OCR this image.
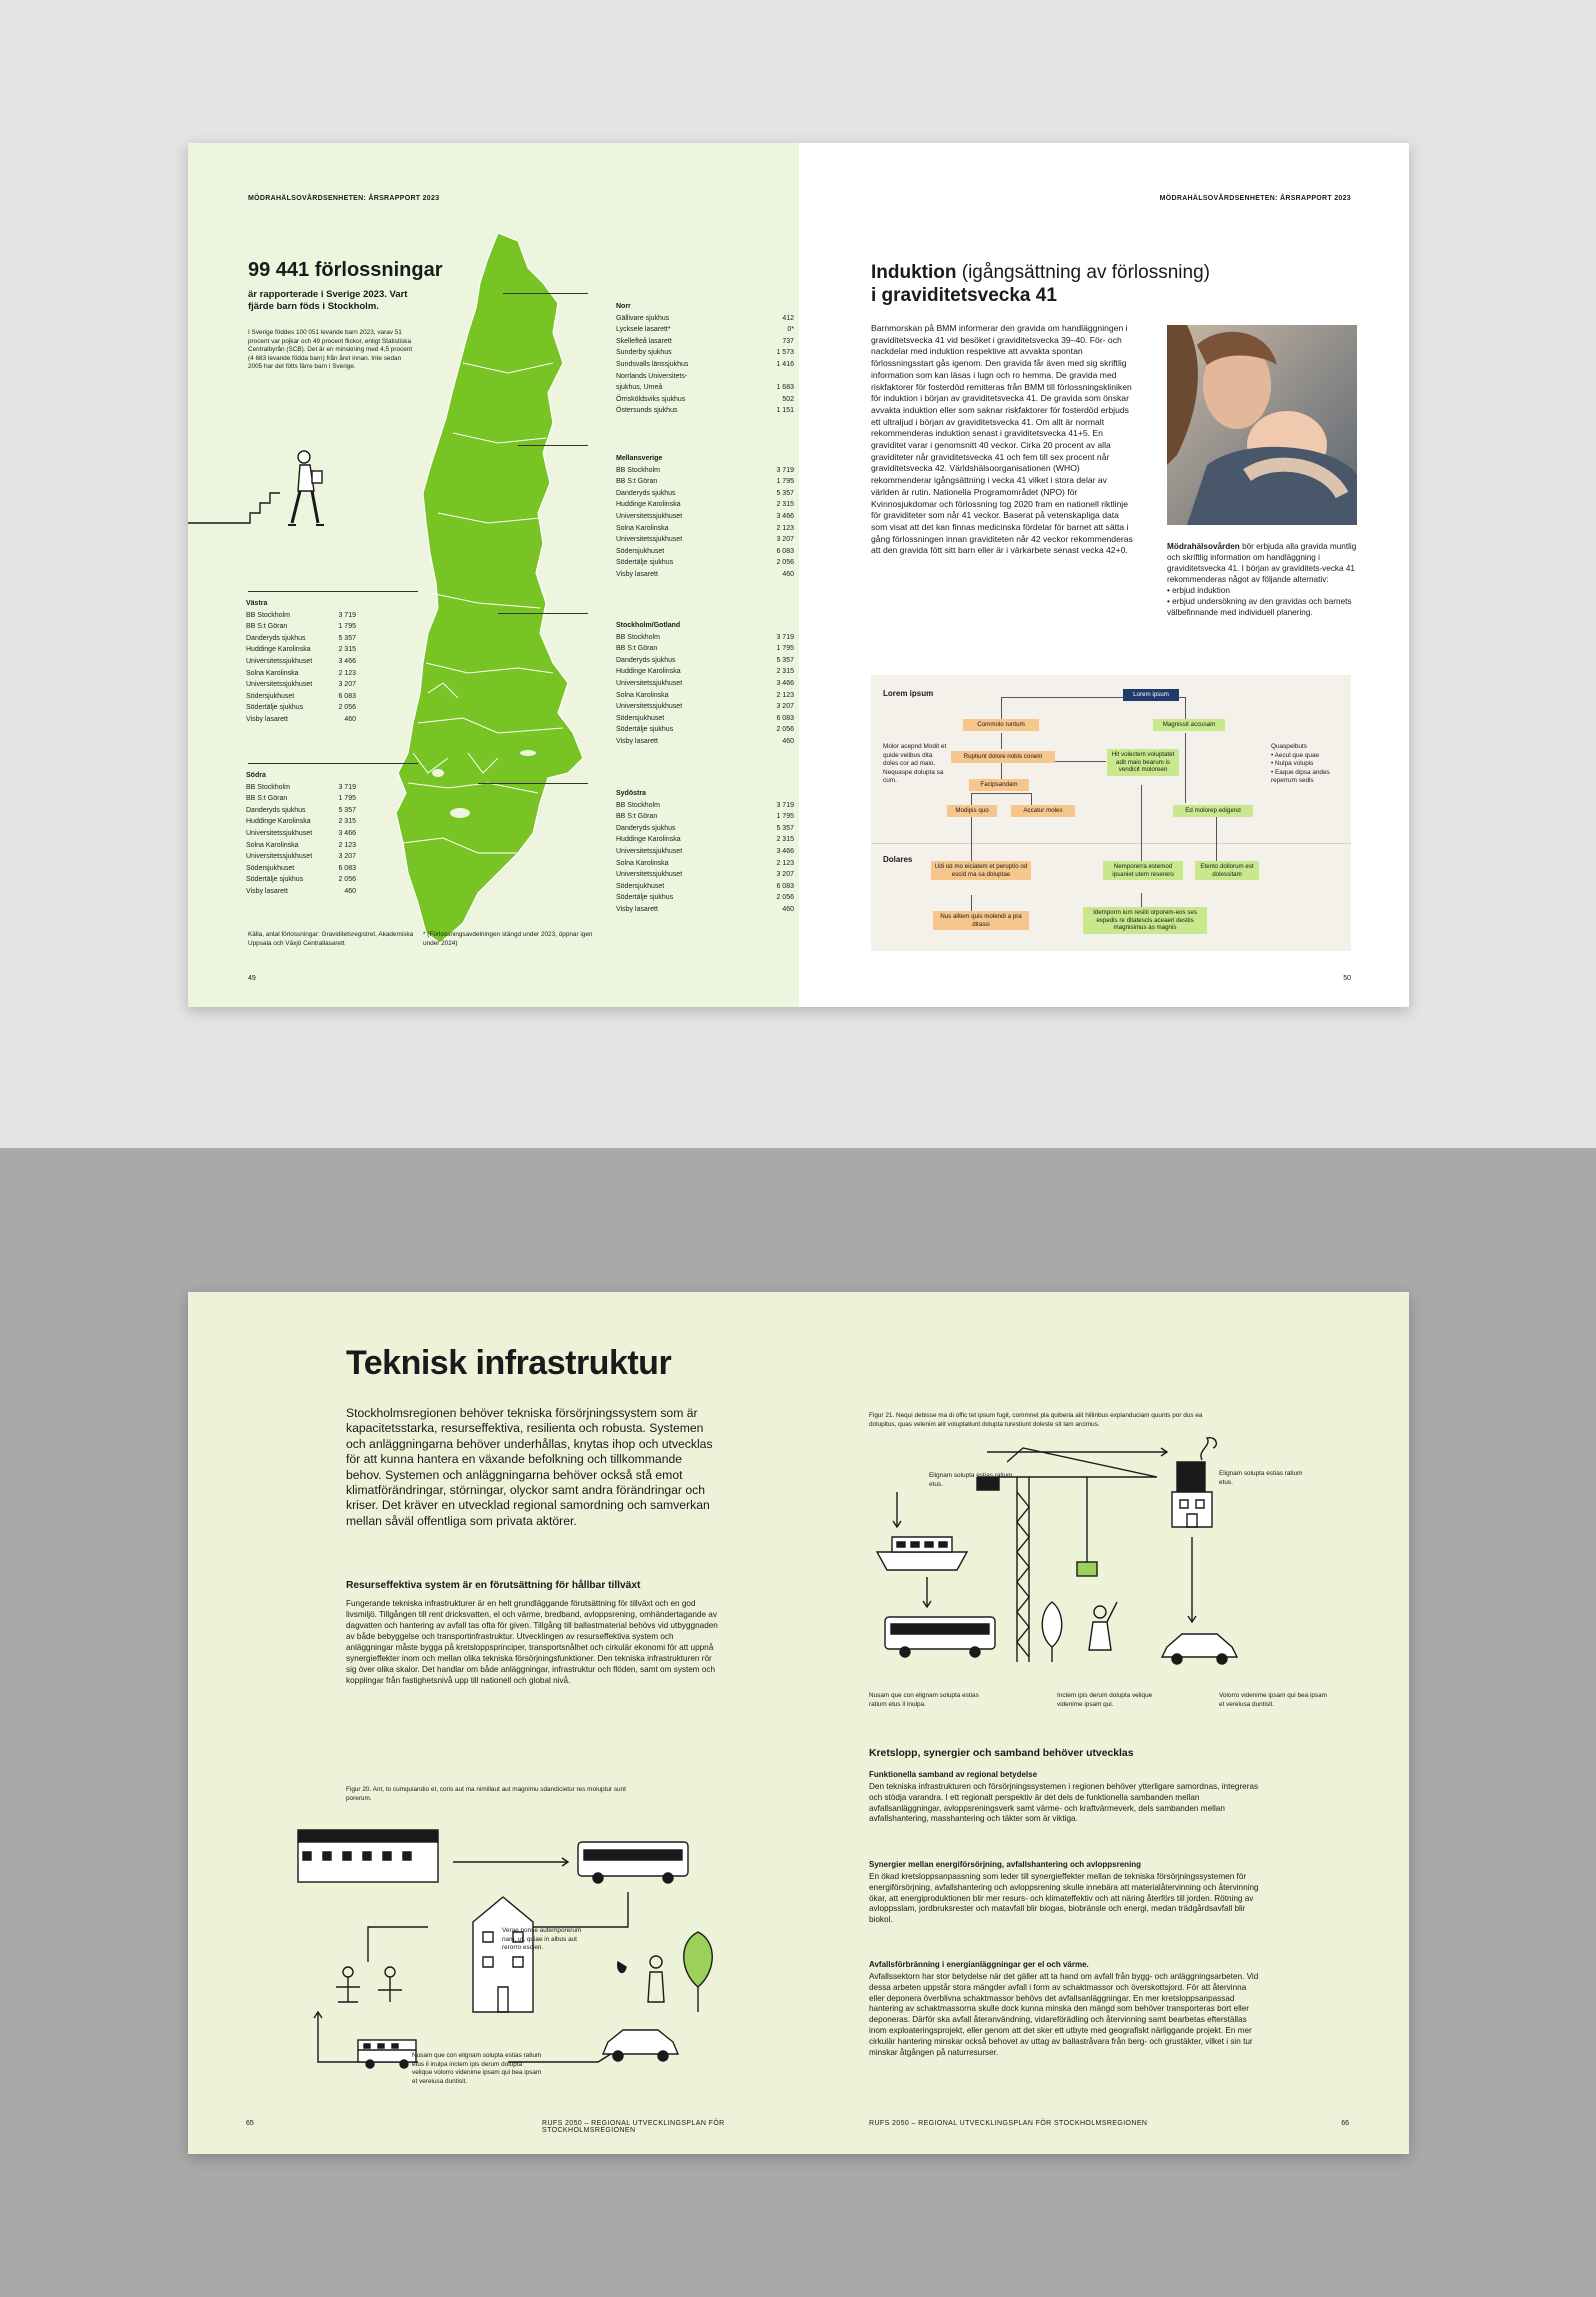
MÖDRAHÄLSOVÅRDSENHETEN: ÅRSRAPPORT 2023
99 441 förlossningar
är rapporterade i Sverige 2023. Vart fjärde barn föds i Stockholm.
I Sverige föddes 100 051 levande barn 2023, varav 51 procent var pojkar och 49 procent flickor, enligt Statistiska Centralbyrån (SCB). Det är en minskning med 4,5 procent (4 683 levande födda barn) från året innan. Inte sedan 2005 har det fötts färre barn i Sverige.
Norr
Gällivare sjukhus	412
Lycksele lasarett*	0*
Skellefteå lasarett	737
Sunderby sjukhus	1 573
Sundsvalls länssjukhus	1 416
Norrlands Universitets-
sjukhus, Umeå	1 683
Örnsköldsviks sjukhus	502
Östersunds sjukhus	1 151
Mellansverige
BB Stockholm	3 719
BB S:t Göran	1 795
Danderyds sjukhus	5 357
Huddinge Karolinska	2 315
Universitetssjukhuset	3 466
Solna Karolinska	2 123
Universitetssjukhuset	3 207
Södersjukhuset	6 083
Södertälje sjukhus	2 056
Visby lasarett	460
Västra
BB Stockholm	3 719
BB S:t Göran	1 795
Danderyds sjukhus	5 357
Huddinge Karolinska	2 315
Universitetssjukhuset	3 466
Solna Karolinska	2 123
Universitetssjukhuset	3 207
Södersjukhuset	6 083
Södertälje sjukhus	2 056
Visby lasarett	460
Stockholm/Gotland
BB Stockholm	3 719
BB S:t Göran	1 795
Danderyds sjukhus	5 357
Huddinge Karolinska	2 315
Universitetssjukhuset	3 466
Solna Karolinska	2 123
Universitetssjukhuset	3 207
Södersjukhuset	6 083
Södertälje sjukhus	2 056
Visby lasarett	460
Södra
BB Stockholm	3 719
BB S:t Göran	1 795
Danderyds sjukhus	5 357
Huddinge Karolinska	2 315
Universitetssjukhuset	3 466
Solna Karolinska	2 123
Universitetssjukhuset	3 207
Södersjukhuset	6 083
Södertälje sjukhus	2 056
Visby lasarett	460
Sydöstra
BB Stockholm	3 719
BB S:t Göran	1 795
Danderyds sjukhus	5 357
Huddinge Karolinska	2 315
Universitetssjukhuset	3 466
Solna Karolinska	2 123
Universitetssjukhuset	3 207
Södersjukhuset	6 083
Södertälje sjukhus	2 056
Visby lasarett	460
Källa, antal förlossningar: Graviditetsregistret, Akademiska Uppsala och Växjö Centrallasarett
* (Förlossningsavdelningen stängd under 2023, öppnar igen under 2024)
49
MÖDRAHÄLSOVÅRDSENHETEN: ÅRSRAPPORT 2023
Induktion (igångsättning av förlossning)
i graviditetsvecka 41
Barnmorskan på BMM informerar den gravida om handläggningen i graviditetsvecka 41 vid besöket i graviditetsvecka 39–40. För- och nackdelar med induktion respektive att avvakta spontan förlossningsstart gås igenom. Den gravida får även med sig skriftlig information som kan läsas i lugn och ro hemma. De gravida med riskfaktorer för fosterdöd remitteras från BMM till förlossningskliniken för induktion i början av graviditetsvecka 41. De gravida som önskar avvakta induktion eller som saknar riskfaktorer för fosterdöd erbjuds ett ultraljud i början av graviditetsvecka 41. Om allt är normalt rekommenderas induktion senast i graviditetsvecka 41+5. En graviditet varar i genomsnitt 40 veckor. Cirka 20 procent av alla graviditeter når graviditetsvecka 41 och fem till sex procent når graviditetsvecka 42. Världshälsoorganisationen (WHO) rekommenderar igångsättning i vecka 41 vilket i stora delar av världen är rutin. Nationella Programområdet (NPO) för Kvinnosjukdomar och förlossning tog 2020 fram en nationell riktlinje för graviditeter som når 41 veckor. Baserat på vetenskapliga data som visat att det kan finnas medicinska fördelar för barnet att sätta i gång förlossningen innan graviditeten når 42 veckor rekommenderas att den gravida fött sitt barn eller är i värkarbete senast vecka 42+0.	Mödrahälsovården bör erbjuda alla gravida muntlig och skriftlig information om handläggning i graviditetsvecka 41. I början av graviditets-vecka 41 rekommenderas något av följande alternativ:
• erbjud induktion
• erbjud undersökning av den gravidas och barnets välbefinnande med individuell planering.
Lorem ipsum
Dolares
Molor acepnd Modit et quide velibus dita doles cor ad maio. Nequaspe dolupta sa cum.
Quaspelbuts
• Aecul que quae
• Nulpa volupis
• Eaque dipsa andes reperrum sedis
Lorem ipsum
Commolo runtum	Magnissit accusam
Ruptiunt dolore nobis conem	Hit volectem voluptatet adit maio bearum is vendicit moloreen
Facipsandam
Modipis quo	Accatur moles	Ed molorep edigend
Udi od mo eiciatem et peruptio od escid ma sa doluptae
Nemporerra estemod ipsaniet utem reserero
Etento dollorum est dolessitam
Nus alitem quis molendi a pra ditassi
Idemporm ium resiiti orporem-eos ses expedis re ditatescis aceaeri destiis magnisimus as magnis
50
Teknisk infrastruktur
Stockholmsregionen behöver tekniska försörjningssystem som är kapacitetsstarka, resurseffektiva, resilienta och robusta. Systemen och anläggningarna behöver underhållas, knytas ihop och utvecklas för att kunna hantera en växande befolkning och tillkommande behov. Systemen och anläggningarna behöver också stå emot klimatförändringar, störningar, olyckor samt andra förändringar och kriser. Det kräver en utvecklad regional samordning och samverkan mellan såväl offentliga som privata aktörer.
Resurseffektiva system är en förutsättning för hållbar tillväxt
Fungerande tekniska infrastrukturer är en helt grundläggande förutsättning för tillväxt och en god livsmiljö. Tillgången till rent dricksvatten, el och värme, bredband, avloppsrening, omhändertagande av dagvatten och hantering av avfall tas ofta för given. Tillgång till ballastmaterial behövs vid utbyggnaden av både bebyggelse och transportinfrastruktur. Utvecklingen av resurseffektiva system och anläggningar måste bygga på kretsloppsprinciper, transportsnålhet och cirkulär ekonomi för att uppnå synergieffekter inom och mellan olika tekniska försörjningsfunktioner. Den tekniska infrastrukturen rör sig över olika skalor. Det handlar om både anläggningar, infrastruktur och flöden, samt om system och kopplingar från fastighetsnivå upp till nationell och global nivå.
Figur 20. Ant, to cumquiandio et, coris aut ma nimillaut aut magnimu sdandicietur res moluptur sunt porerum.
Verae nonse autemporerum nam, ut, quiae in albus aut rerorro escien.
Nusam que con elignam solupta estias ratium etus il inulpa inctem ipis derum dolupta velique volorro videnime ipsam qui bea ipsam et vereiusa duntisit.
65	RUFS 2050 – REGIONAL UTVECKLINGSPLAN FÖR STOCKHOLMSREGIONEN
Figur 21. Nequi debisse ma di offic tet ipsum fugit, commnet pla quiberia alit hillinbus explanduciam quunts por dus ea dolupitus, quas velenim alit voluptatiunt dolupta turestiunt doleste sit lam arcimus.
Elignam solupta estias ratium etus.
Elignam solupta estias ratium etus.
Nusam que con elignam solupta estias ratium etus il inulpa.
Inctem ipis derum dolupta velique videnime ipsam qui.
Volorro videnime ipsam qui bea ipsam et vereiusa duntisit.
Kretslopp, synergier och samband behöver utvecklas
Funktionella samband av regional betydelse
Den tekniska infrastrukturen och försörjningssystemen i regionen behöver ytterligare samordnas, integreras och stödja varandra. I ett regionalt perspektiv är det dels de funktionella sambanden mellan avfallsanläggningar, avloppsreningsverk samt värme- och kraftvärmeverk, dels sambanden mellan avfallshantering, masshantering och täkter som är viktiga.
Synergier mellan energiförsörjning, avfallshantering och avloppsrening
En ökad kretsloppsanpassning som leder till synergieffekter mellan de tekniska försörjningssystemen för energiförsörjning, avfallshantering och avloppsrening skulle innebära att materialåtervinning och återvinning ökar, att energiproduktionen blir mer resurs- och klimateffektiv och att näring återförs till jorden. Rötning av avloppsslam, jordbruksrester och matavfall blir biogas, biobränsle och energi, medan trädgårdsavfall blir biokol.
Avfallsförbränning i energianläggningar ger el och värme.
Avfallssektorn har stor betydelse när det gäller att ta hand om avfall från bygg- och anläggningsarbeten. Vid dessa arbeten uppstår stora mängder avfall i form av schaktmassor och överskottsjord. För att återvinna eller deponera överblivna schaktmassor behövs det avfallsanläggningar. En mer kretsloppsanpassad hantering av schaktmassorna skulle dock kunna minska den mängd som behöver transporteras bort eller deponeras. Därför ska avfall återanvändning, vidareförädling och återvinning samt bearbetas efterställas inom exploateringsprojekt, eller genom att det sker ett utbyte med geografiskt närliggande projekt. En mer cirkulär hantering minskar också behovet av uttag av ballastråvara från berg- och grustäkter, vilket i sin tur minskar åtgången på naturresurser.
RUFS 2050 – REGIONAL UTVECKLINGSPLAN FÖR STOCKHOLMSREGIONEN	66
